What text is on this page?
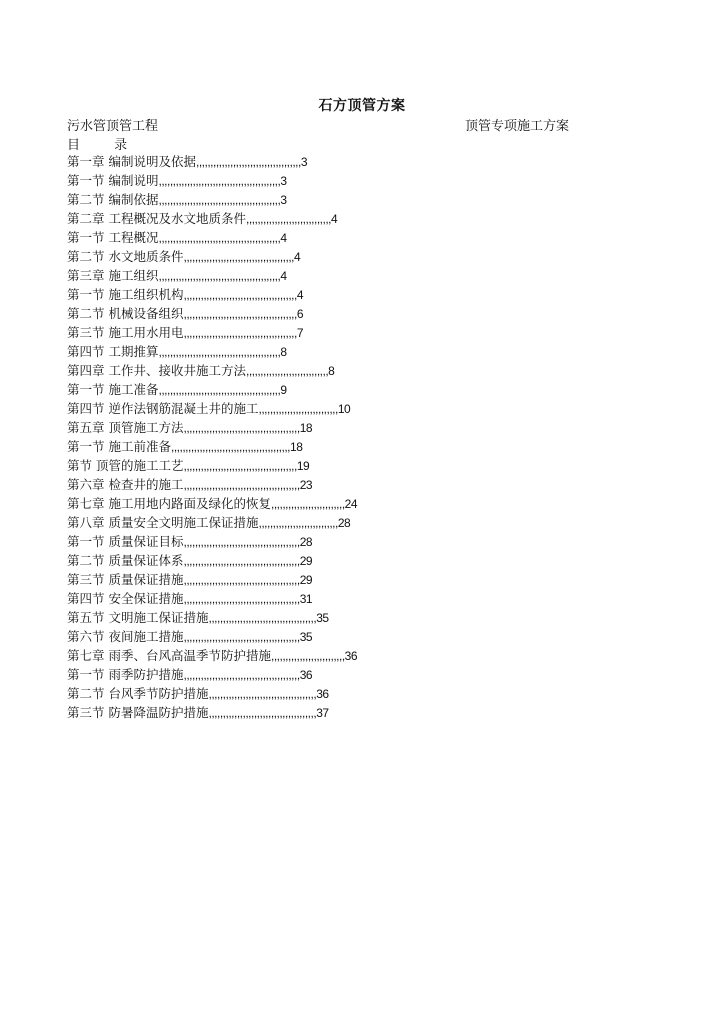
石方顶管方案
污水管顶管工程	顶管专项施工方案
目 录
第一章 编制说明及依据,,,,,,,,,,,,,,,,,,,,,,,,,,,,,,,,,,,,,3
第一节 编制说明,,,,,,,,,,,,,,,,,,,,,,,,,,,,,,,,,,,,,,,,,,,3
第二节 编制依据,,,,,,,,,,,,,,,,,,,,,,,,,,,,,,,,,,,,,,,,,,,3
第二章 工程概况及水文地质条件,,,,,,,,,,,,,,,,,,,,,,,,,,,,,,4
第一节 工程概况,,,,,,,,,,,,,,,,,,,,,,,,,,,,,,,,,,,,,,,,,,,4
第二节 水文地质条件,,,,,,,,,,,,,,,,,,,,,,,,,,,,,,,,,,,,,,,4
第三章 施工组织,,,,,,,,,,,,,,,,,,,,,,,,,,,,,,,,,,,,,,,,,,,4
第一节 施工组织机构,,,,,,,,,,,,,,,,,,,,,,,,,,,,,,,,,,,,,,,,4
第二节 机械设备组织,,,,,,,,,,,,,,,,,,,,,,,,,,,,,,,,,,,,,,,,6
第三节 施工用水用电,,,,,,,,,,,,,,,,,,,,,,,,,,,,,,,,,,,,,,,,7
第四节 工期推算,,,,,,,,,,,,,,,,,,,,,,,,,,,,,,,,,,,,,,,,,,,8
第四章 工作井、接收井施工方法,,,,,,,,,,,,,,,,,,,,,,,,,,,,,8
第一节 施工准备,,,,,,,,,,,,,,,,,,,,,,,,,,,,,,,,,,,,,,,,,,,9
第四节 逆作法钢筋混凝土井的施工,,,,,,,,,,,,,,,,,,,,,,,,,,,,10
第五章 顶管施工方法,,,,,,,,,,,,,,,,,,,,,,,,,,,,,,,,,,,,,,,,,18
第一节 施工前准备,,,,,,,,,,,,,,,,,,,,,,,,,,,,,,,,,,,,,,,,,,18
第节 顶管的施工工艺,,,,,,,,,,,,,,,,,,,,,,,,,,,,,,,,,,,,,,,,19
第六章 检查井的施工,,,,,,,,,,,,,,,,,,,,,,,,,,,,,,,,,,,,,,,,,23
第七章 施工用地内路面及绿化的恢复,,,,,,,,,,,,,,,,,,,,,,,,,,24
第八章 质量安全文明施工保证措施,,,,,,,,,,,,,,,,,,,,,,,,,,,,28
第一节 质量保证目标,,,,,,,,,,,,,,,,,,,,,,,,,,,,,,,,,,,,,,,,,28
第二节 质量保证体系,,,,,,,,,,,,,,,,,,,,,,,,,,,,,,,,,,,,,,,,,29
第三节 质量保证措施,,,,,,,,,,,,,,,,,,,,,,,,,,,,,,,,,,,,,,,,,29
第四节 安全保证措施,,,,,,,,,,,,,,,,,,,,,,,,,,,,,,,,,,,,,,,,,31
第五节 文明施工保证措施,,,,,,,,,,,,,,,,,,,,,,,,,,,,,,,,,,,,,,35
第六节 夜间施工措施,,,,,,,,,,,,,,,,,,,,,,,,,,,,,,,,,,,,,,,,,35
第七章 雨季、台风高温季节防护措施,,,,,,,,,,,,,,,,,,,,,,,,,,36
第一节 雨季防护措施,,,,,,,,,,,,,,,,,,,,,,,,,,,,,,,,,,,,,,,,,36
第二节 台风季节防护措施,,,,,,,,,,,,,,,,,,,,,,,,,,,,,,,,,,,,,,36
第三节 防暑降温防护措施,,,,,,,,,,,,,,,,,,,,,,,,,,,,,,,,,,,,,,37
